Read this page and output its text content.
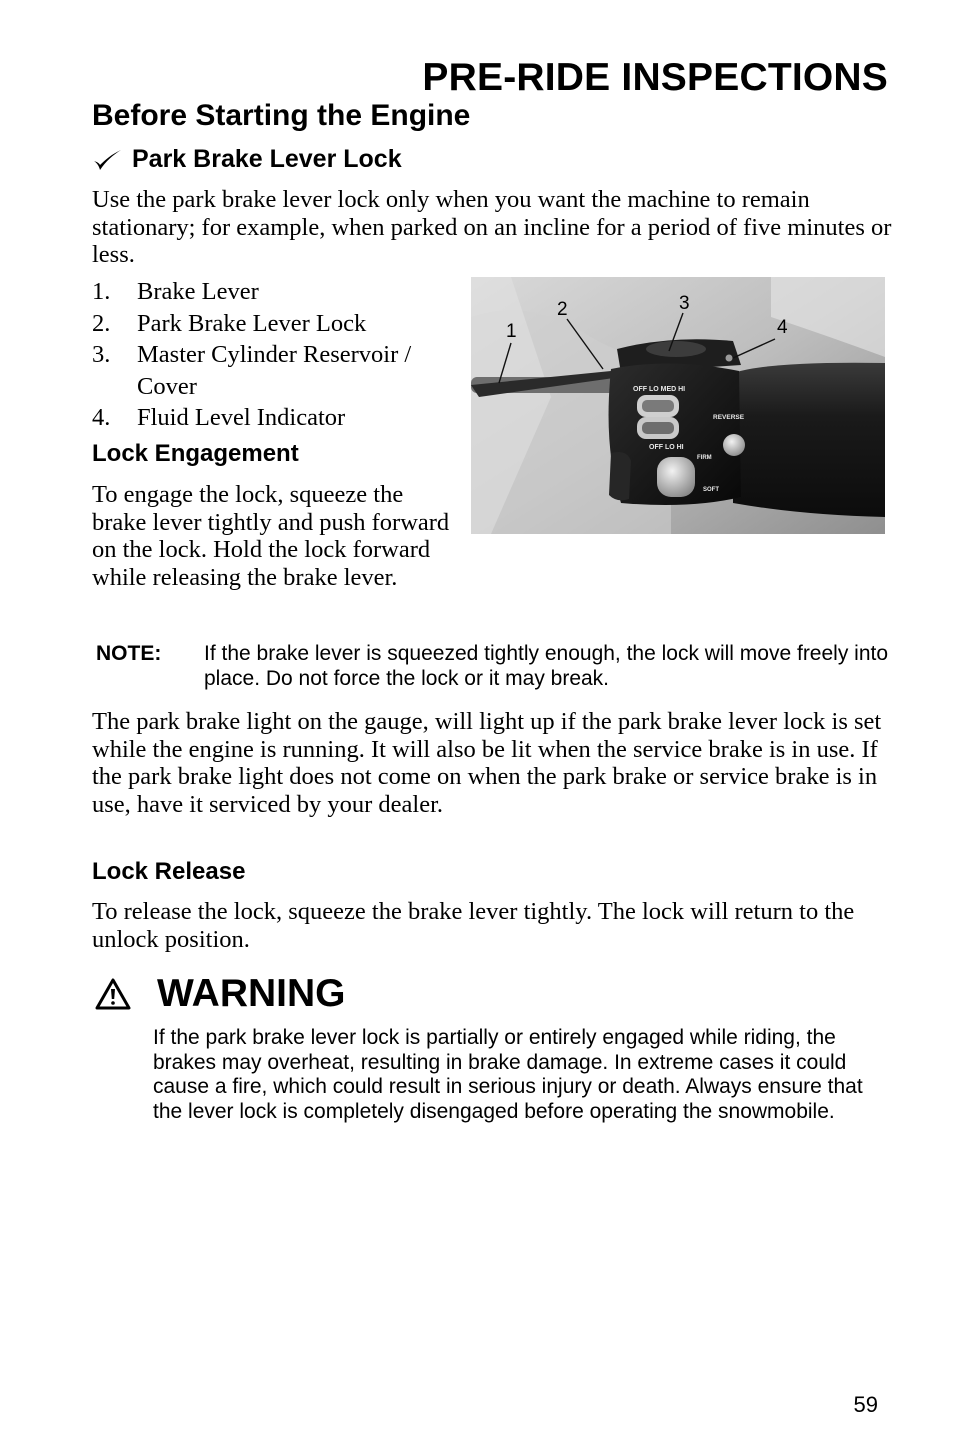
PRE-RIDE INSPECTIONS
Before Starting the Engine
Park Brake Lever Lock

Use the park brake lever lock only when you want the machine to remain stationary; for example, when parked on an incline for a period of five minutes or less.

1.	Brake Lever
2.	Park Brake Lever Lock
3.	Master Cylinder Reservoir / Cover
4.	Fluid Level Indicator
Lock Engagement

To engage the lock, squeeze the brake lever tightly and push forward on the lock. Hold the lock forward while releasing the brake lever.

OFF LO MED HI
OFF LO HI
REVERSE
FIRM
SOFT
1
2	3
4
NOTE:	If the brake lever is squeezed tightly enough, the lock will move freely into place. Do not force the lock or it may break.

The park brake light on the gauge, will light up if the park brake lever lock is set while the engine is running. It will also be lit when the service brake is in use. If the park brake light does not come on when the park brake or service brake is in use, have it serviced by your dealer.

Lock Release

To release the lock, squeeze the brake lever tightly. The lock will return to the unlock position.

WARNING

If the park brake lever lock is partially or entirely engaged while riding, the brakes may overheat, resulting in brake damage. In extreme cases it could cause a fire, which could result in serious injury or death. Always ensure that the lever lock is completely disengaged before operating the snowmobile.

59
